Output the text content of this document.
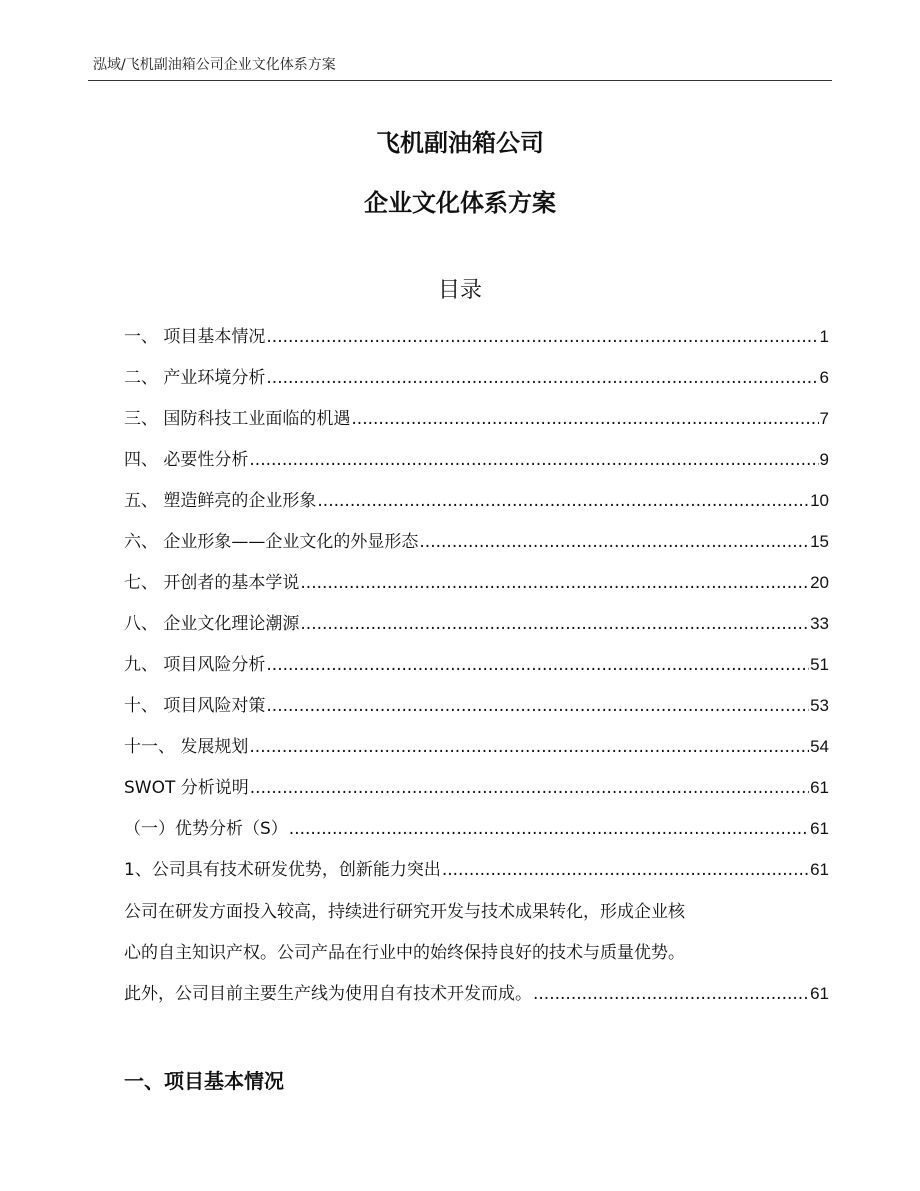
泓域/飞机副油箱公司企业文化体系方案
飞机副油箱公司
企业文化体系方案
目录
一、 项目基本情况 .....	1
二、 产业环境分析 .....	6
三、 国防科技工业面临的机遇 .....	7
四、 必要性分析 .....	9
五、 塑造鲜亮的企业形象 .....	10
六、 企业形象——企业文化的外显形态 .....	15
七、 开创者的基本学说 .....	20
八、 企业文化理论潮源 .....	33
九、 项目风险分析 .....	51
十、 项目风险对策 .....	53
十一、 发展规划 .....	54
SWOT 分析说明 .....	61
（一）优势分析（S） .....	61
1、公司具有技术研发优势，创新能力突出 .....	61
公司在研发方面投入较高，持续进行研究开发与技术成果转化，形成企业核
心的自主知识产权。公司产品在行业中的始终保持良好的技术与质量优势。
此外，公司目前主要生产线为使用自有技术开发而成。 .....	61
一、项目基本情况
